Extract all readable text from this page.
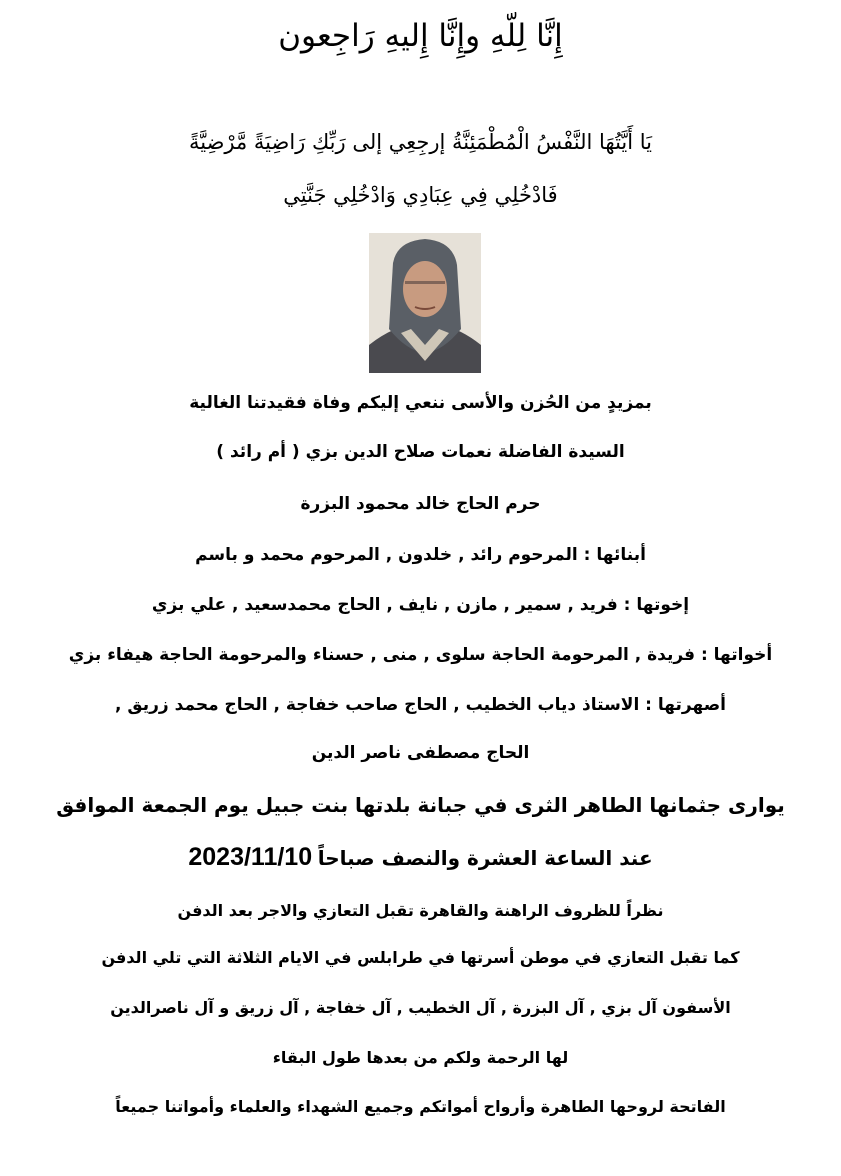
إِنَّا لِلّهِ وإِنَّا إِليهِ رَاجِعون
يَا أَيَّتُهَا النَّفْسُ الْمُطْمَئِنَّةُ إرجِعِي إلى رَبِّكِ رَاضِيَةً مَّرْضِيَّةً
فَادْخُلِي فِي عِبَادِي وَادْخُلِي جَنَّتِي
بمزيدٍ من الحُزن والأسى ننعي إليكم وفاة فقيدتنا الغالية
السيدة الفاضلة نعمات صلاح الدين بزي ( أم رائد )
حرم الحاج خالد محمود البزرة
أبنائها : المرحوم رائد , خلدون , المرحوم محمد و باسم
إخوتها : فريد , سمير , مازن , نايف , الحاج محمدسعيد , علي بزي
أخواتها : فريدة , المرحومة الحاجة سلوى , منى , حسناء والمرحومة الحاجة هيفاء بزي
أصهرتها : الاستاذ دياب الخطيب , الحاج صاحب خفاجة , الحاج محمد زريق ,
الحاج مصطفى ناصر الدين
يوارى جثمانها الطاهر الثرى في جبانة بلدتها بنت جبيل يوم الجمعة الموافق
عند الساعة العشرة والنصف صباحاً 2023/11/10
نظراً للظروف الراهنة والقاهرة تقبل التعازي والاجر بعد الدفن
كما تقبل التعازي في موطن أسرتها في طرابلس في الايام الثلاثة التي تلي الدفن
الأسفون آل بزي , آل البزرة , آل الخطيب , آل خفاجة , آل زريق و آل ناصرالدين
لها الرحمة ولكم من بعدها طول البقاء
الفاتحة لروحها الطاهرة وأرواح أمواتكم وجميع الشهداء والعلماء وأمواتنا جميعاً
